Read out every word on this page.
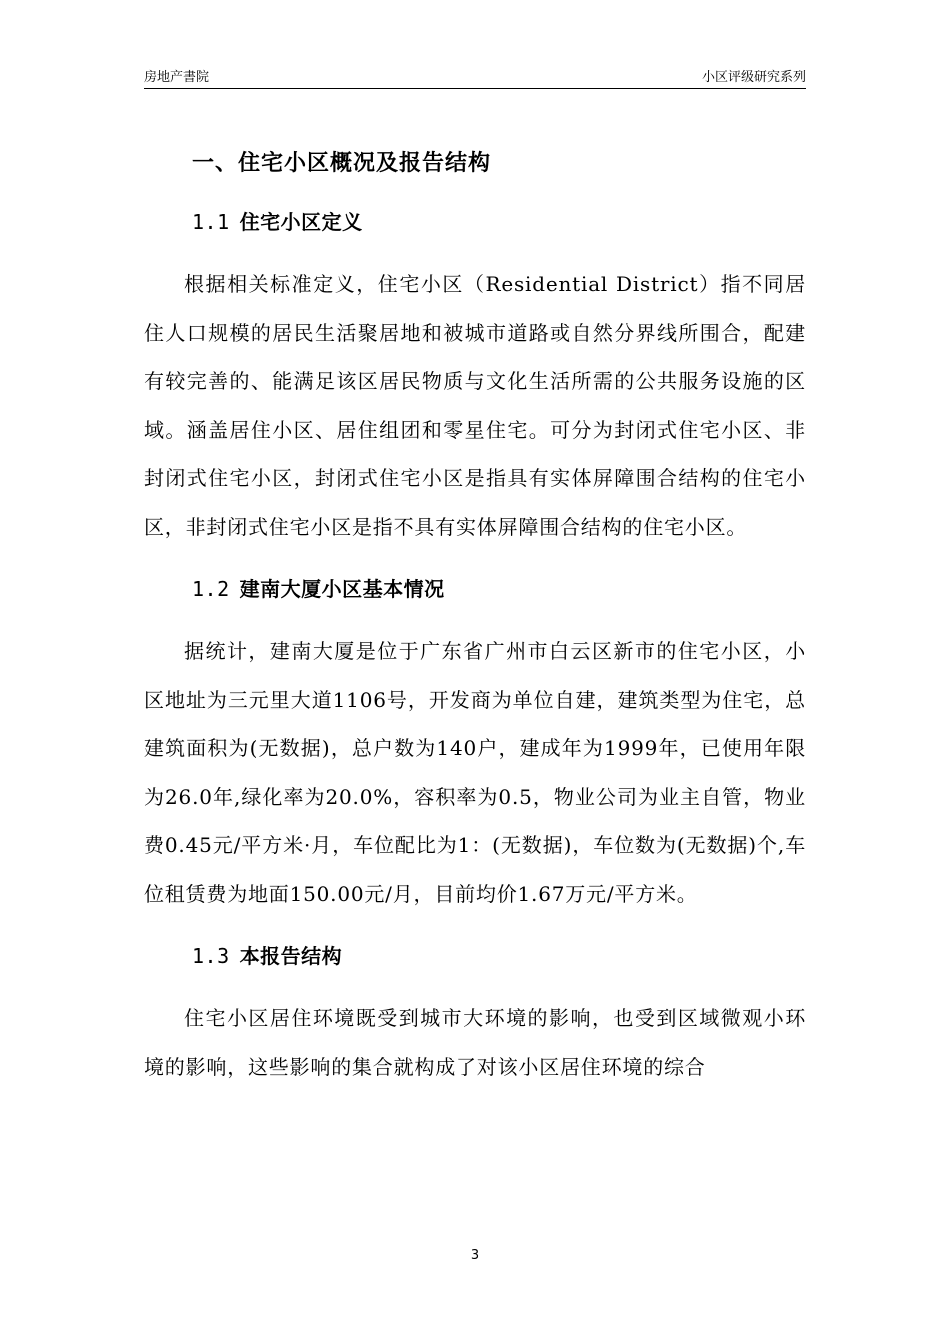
房地产書院	小区评级研究系列
一、住宅小区概况及报告结构
1.1 住宅小区定义

根据相关标准定义，住宅小区（Residential District）指不同居住人口规模的居民生活聚居地和被城市道路或自然分界线所围合，配建有较完善的、能满足该区居民物质与文化生活所需的公共服务设施的区域。涵盖居住小区、居住组团和零星住宅。可分为封闭式住宅小区、非封闭式住宅小区，封闭式住宅小区是指具有实体屏障围合结构的住宅小区，非封闭式住宅小区是指不具有实体屏障围合结构的住宅小区。

1.2 建南大厦小区基本情况

据统计，建南大厦是位于广东省广州市白云区新市的住宅小区，小区地址为三元里大道1106号，开发商为单位自建，建筑类型为住宅，总建筑面积为(无数据)，总户数为140户，建成年为1999年，已使用年限为26.0年,绿化率为20.0%，容积率为0.5，物业公司为业主自管，物业费0.45元/平方米·月，车位配比为1：(无数据)，车位数为(无数据)个,车位租赁费为地面150.00元/月，目前均价1.67万元/平方米。

1.3 本报告结构

住宅小区居住环境既受到城市大环境的影响，也受到区域微观小环境的影响，这些影响的集合就构成了对该小区居住环境的综合

3
